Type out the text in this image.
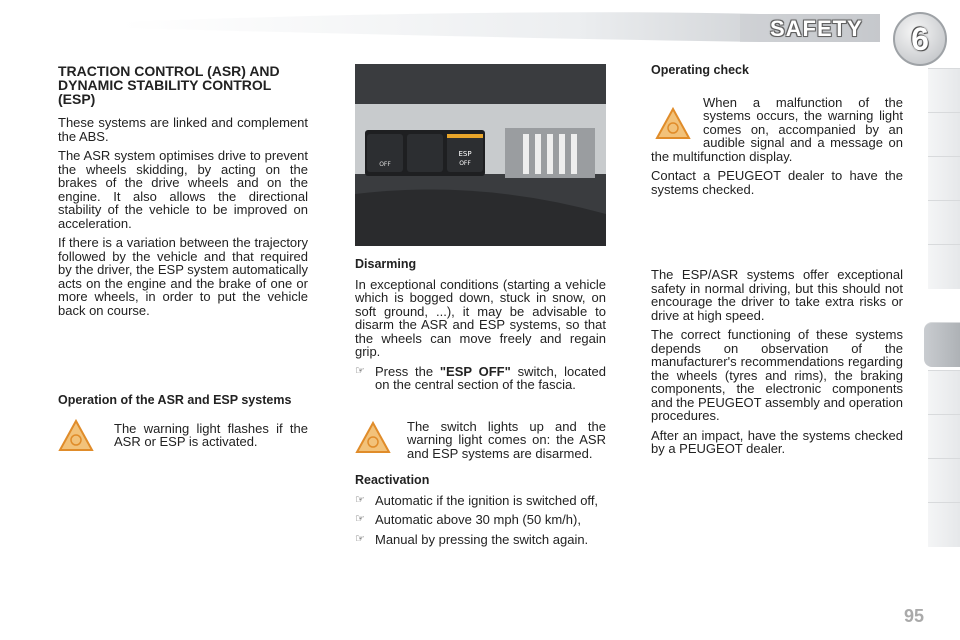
SAFETY 6
TRACTION CONTROL (ASR) AND DYNAMIC STABILITY CONTROL (ESP)

These systems are linked and complement the ABS.

The ASR system optimises drive to prevent the wheels skidding, by acting on the brakes of the drive wheels and on the engine. It also allows the directional stability of the vehicle to be improved on acceleration.

If there is a variation between the trajectory followed by the vehicle and that required by the driver, the ESP system automatically acts on the engine and the brake of one or more wheels, in order to put the vehicle back on course.

Operation of the ASR and ESP systems

The warning light flashes if the ASR or ESP is activated.

OFF
ESP
OFF
Disarming

In exceptional conditions (starting a vehicle which is bogged down, stuck in snow, on soft ground, ...), it may be advisable to disarm the ASR and ESP systems, so that the wheels can move freely and regain grip.

☞ Press the "ESP OFF" switch, located on the central section of the fascia.

The switch lights up and the warning light comes on: the ASR and ESP systems are disarmed.

Reactivation
☞ Automatic if the ignition is switched off,
☞ Automatic above 30 mph (50 km/h),
☞ Manual by pressing the switch again.
Operating check

When a malfunction of the systems occurs, the warning light comes on, accompanied by an audible signal and a message on the multifunction display.

Contact a PEUGEOT dealer to have the systems checked.

The ESP/ASR systems offer exceptional safety in normal driving, but this should not encourage the driver to take extra risks or drive at high speed.

The correct functioning of these systems depends on observation of the manufacturer's recommendations regarding the wheels (tyres and rims), the braking components, the electronic components and the PEUGEOT assembly and operation procedures.

After an impact, have the systems checked by a PEUGEOT dealer.

95
